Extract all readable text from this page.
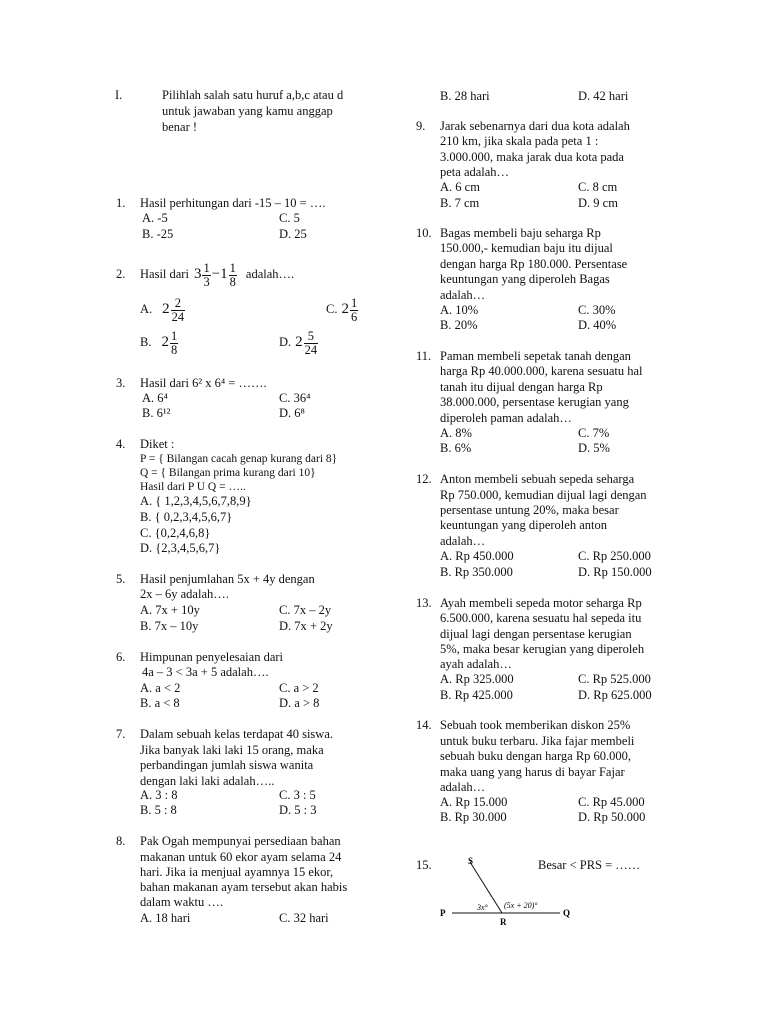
I.	Pilihlah salah satu huruf a,b,c atau d
untuk jawaban yang kamu anggap
benar !
1. Hasil perhitungan dari -15 – 10 = ….
A. -5	C. 5
B. -25	D. 25
2. Hasil dari $3 \frac{1}{3} - 1 \frac{1}{8}$ adalah….
A. $2 \frac{2}{24}$	C. $2 \frac{1}{6}$
B. $2 \frac{1}{8}$	D. $2 \frac{5}{24}$
3. Hasil dari 6² x 6⁴ = …….
A. 6⁴	C. 36⁴
B. 6¹²	D. 6⁸
4. Diket :
P = { Bilangan cacah genap kurang dari 8}
Q = { Bilangan prima kurang dari 10}
Hasil dari P U Q = …..
A. { 1,2,3,4,5,6,7,8,9}
B. { 0,2,3,4,5,6,7}
C. {0,2,4,6,8}
D. {2,3,4,5,6,7}
5. Hasil penjumlahan 5x + 4y dengan
2x – 6y adalah….
A. 7x + 10y	C. 7x – 2y
B. 7x – 10y	D. 7x + 2y
6. Himpunan penyelesaian dari
4a – 3 < 3a + 5 adalah….
A. a < 2	C. a > 2
B. a < 8	D. a > 8
7. Dalam sebuah kelas terdapat 40 siswa.
Jika banyak laki laki 15 orang, maka
perbandingan jumlah siswa wanita
dengan laki laki adalah…..
A. 3 : 8	C. 3 : 5
B. 5 : 8	D. 5 : 3
8. Pak Ogah mempunyai persediaan bahan
makanan untuk 60 ekor ayam selama 24
hari. Jika ia menjual ayamnya 15 ekor,
bahan makanan ayam tersebut akan habis
dalam waktu ….
A. 18 hari	C. 32 hari
B. 28 hari	D. 42 hari
9. Jarak sebenarnya dari dua kota adalah
210 km, jika skala pada peta 1 :
3.000.000, maka jarak dua kota pada
peta adalah…
A. 6 cm	C. 8 cm
B. 7 cm	D. 9 cm
10. Bagas membeli baju seharga Rp
150.000,- kemudian baju itu dijual
dengan harga Rp 180.000. Persentase
keuntungan yang diperoleh Bagas
adalah…
A. 10%	C. 30%
B. 20%	D. 40%
11. Paman membeli sepetak tanah dengan
harga Rp 40.000.000, karena sesuatu hal
tanah itu dijual dengan harga Rp
38.000.000, persentase kerugian yang
diperoleh paman adalah…
A. 8%	C. 7%
B. 6%	D. 5%
12. Anton membeli sebuah sepeda seharga
Rp 750.000, kemudian dijual lagi dengan
persentase untung 20%, maka besar
keuntungan yang diperoleh anton
adalah…
A. Rp 450.000	C. Rp 250.000
B. Rp 350.000	D. Rp 150.000
13. Ayah membeli sepeda motor seharga Rp
6.500.000, karena sesuatu hal sepeda itu
dijual lagi dengan persentase kerugian
5%, maka besar kerugian yang diperoleh
ayah adalah…
A. Rp 325.000	C. Rp 525.000
B. Rp 425.000	D. Rp 625.000
14. Sebuah took memberikan diskon 25%
untuk buku terbaru. Jika fajar membeli
sebuah buku dengan harga Rp 60.000,
maka uang yang harus di bayar Fajar
adalah…
A. Rp 15.000	C. Rp 45.000
B. Rp 30.000	D. Rp 50.000
15.	Besar < PRS = ……
S
P
R
Q
3x° (5x + 20)°
